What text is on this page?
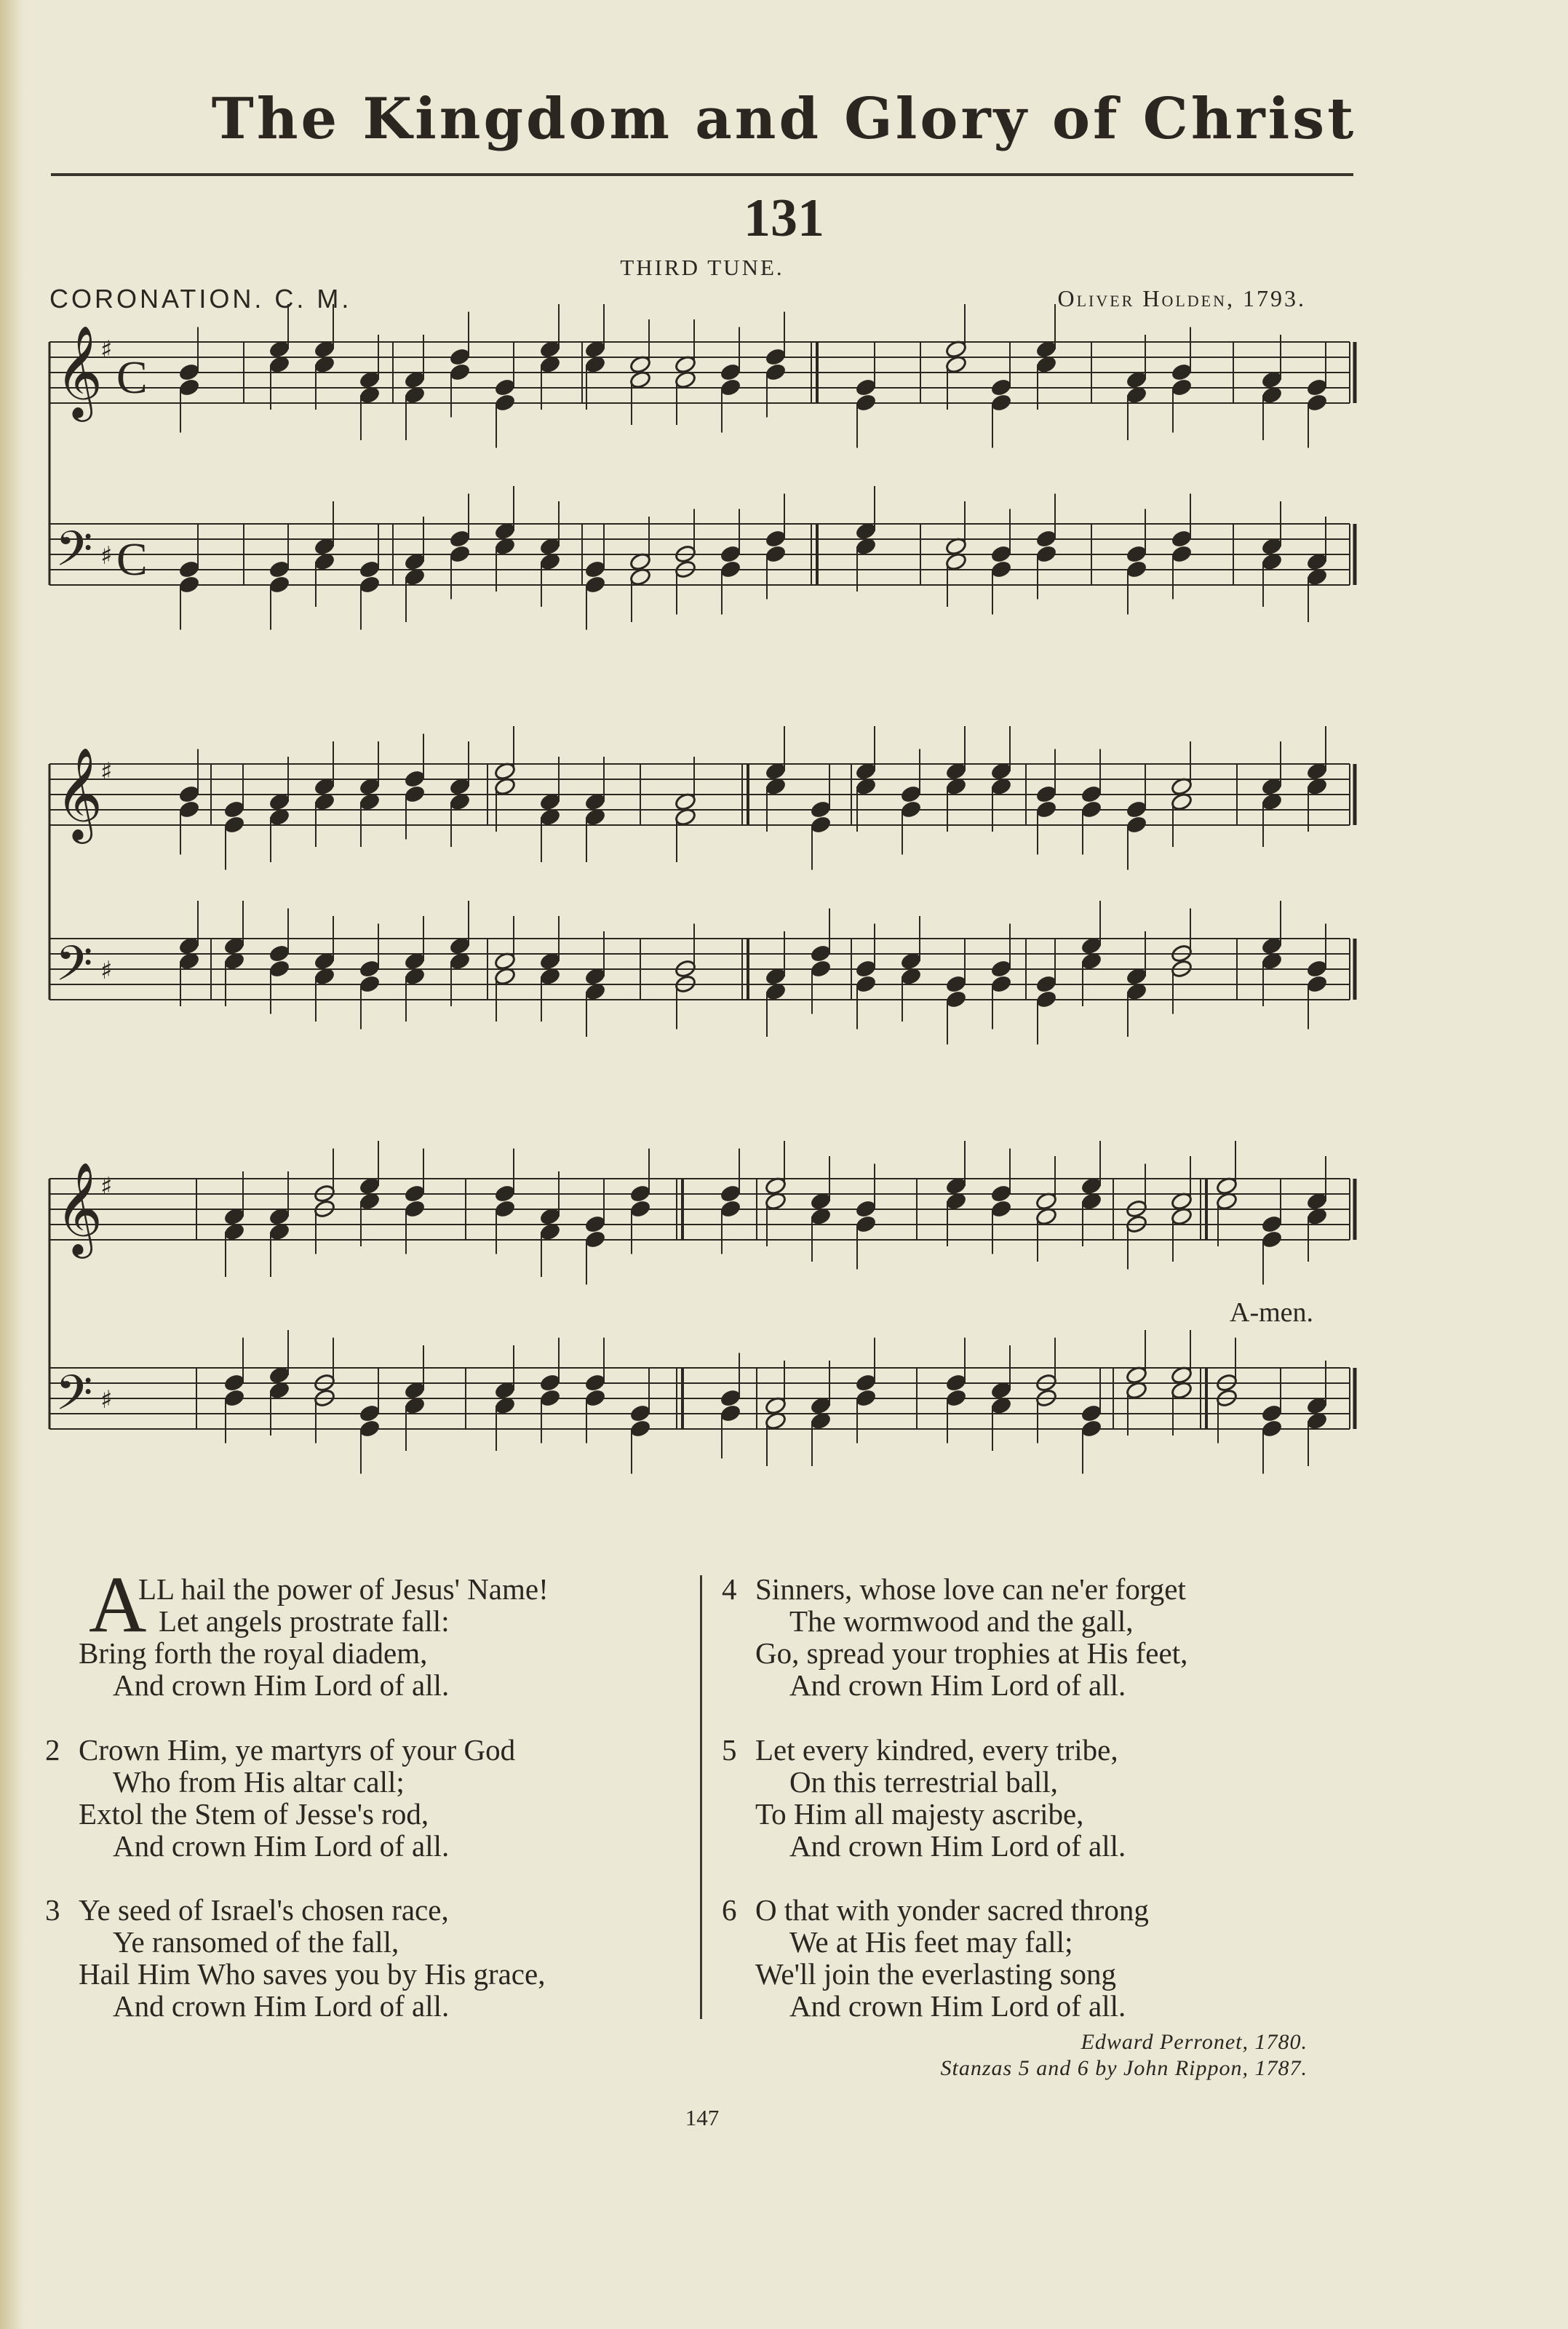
The Kingdom and Glory of Christ
131
THIRD TUNE.
CORONATION. C. M.	Oliver Holden, 1793.
𝄞
♯
𝄢 ♯
𝄞
♯
𝄢 ♯
𝄞
♯
𝄢 ♯
C
C
A-men.
A
LL hail the power of Jesus' Name!
Let angels prostrate fall:
Bring forth the royal diadem,
And crown Him Lord of all.
2 Crown Him, ye martyrs of your God
Who from His altar call;
Extol the Stem of Jesse's rod,
And crown Him Lord of all.
3 Ye seed of Israel's chosen race,
Ye ransomed of the fall,
Hail Him Who saves you by His grace,
And crown Him Lord of all.
4 Sinners, whose love can ne'er forget
The wormwood and the gall,
Go, spread your trophies at His feet,
And crown Him Lord of all.
5 Let every kindred, every tribe,
On this terrestrial ball,
To Him all majesty ascribe,
And crown Him Lord of all.
6 O that with yonder sacred throng
We at His feet may fall;
We'll join the everlasting song
And crown Him Lord of all.
Edward Perronet, 1780.
Stanzas 5 and 6 by John Rippon, 1787.
147
